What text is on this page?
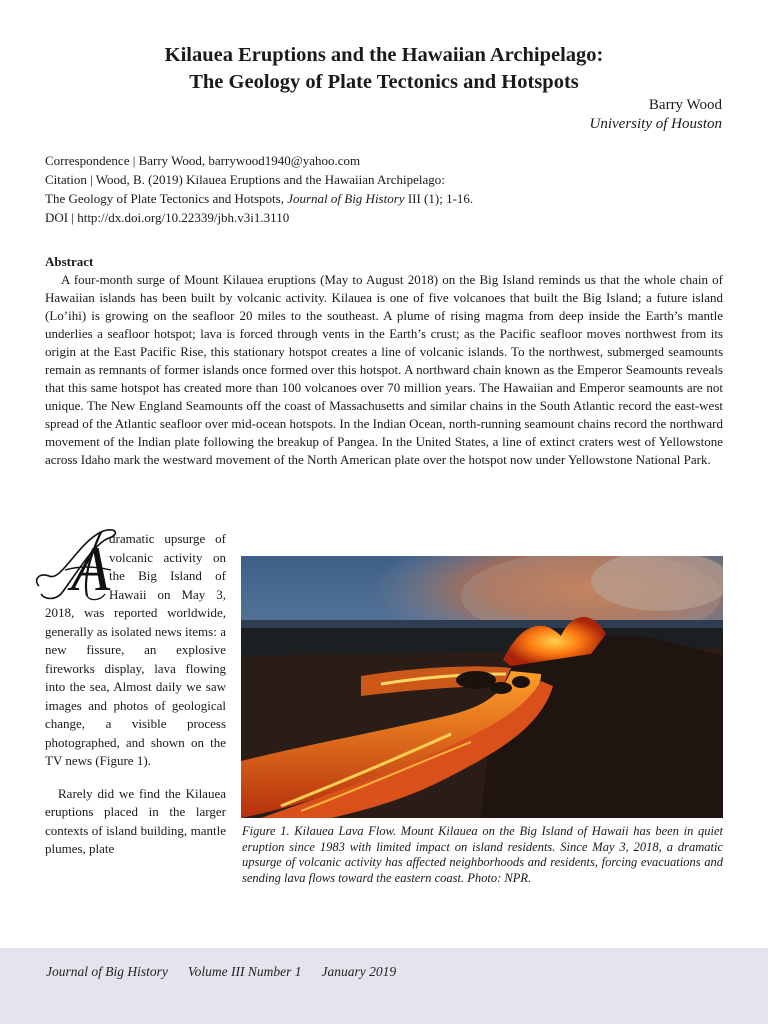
Kilauea Eruptions and the Hawaiian Archipelago:
The Geology of Plate Tectonics and Hotspots
Barry Wood
University of Houston
Correspondence | Barry Wood, barrywood1940@yahoo.com
Citation | Wood, B. (2019) Kilauea Eruptions and the Hawaiian Archipelago:
The Geology of Plate Tectonics and Hotspots, Journal of Big History III (1); 1-16.
DOI | http://dx.doi.org/10.22339/jbh.v3i1.3110
Abstract

A four-month surge of Mount Kilauea eruptions (May to August 2018) on the Big Island reminds us that the whole chain of Hawaiian islands has been built by volcanic activity. Kilauea is one of five volcanoes that built the Big Island; a future island (Lo’ihi) is growing on the seafloor 20 miles to the southeast. A plume of rising magma from deep inside the Earth’s mantle underlies a seafloor hotspot; lava is forced through vents in the Earth’s crust; as the Pacific seafloor moves northwest from its origin at the East Pacific Rise, this stationary hotspot creates a line of volcanic islands. To the northwest, submerged seamounts remain as remnants of former islands once formed over this hotspot. A northward chain known as the Emperor Seamounts reveals that this same hotspot has created more than 100 volcanoes over 70 million years. The Hawaiian and Emperor seamounts are not unique. The New England Seamounts off the coast of Massachusetts and similar chains in the South Atlantic record the east-west spread of the Atlantic seafloor over mid-ocean hotspots. In the Indian Ocean, north-running seamount chains record the northward movement of the Indian plate following the breakup of Pangea. In the United States, a line of extinct craters west of Yellowstone across Idaho mark the westward movement of the North American plate over the hotspot now under Yellowstone National Park.

A
dramatic upsurge of volcanic activity on the Big Island of Hawaii on May 3, 2018, was reported worldwide, generally as isolated news items: a new fissure, an explosive fireworks display, lava flowing into the sea, Almost daily we saw images and photos of geological change, a visible process photographed, and shown on the TV news (Figure 1).

Rarely did we find the Kilauea eruptions placed in the larger contexts of island building, mantle plumes, plate

Figure 1. Kilauea Lava Flow. Mount Kilauea on the Big Island of Hawaii has been in quiet eruption since 1983 with limited impact on island residents. Since May 3, 2018, a dramatic upsurge of volcanic activity has affected neighborhoods and residents, forcing evacuations and sending lava flows toward the eastern coast. Photo: NPR.
Journal of Big History Volume III Number 1 January 2019
